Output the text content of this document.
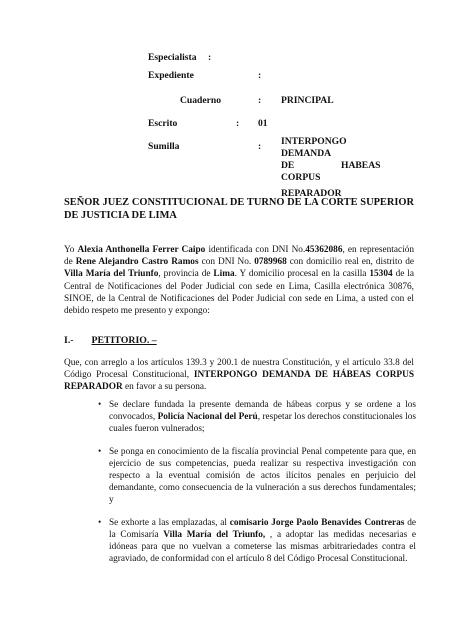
Especialista :
Expediente	:
Cuaderno	: PRINCIPAL
Escrito	: 01
Sumilla	: INTERPONGO
DEMANDA
DE	HABEAS
CORPUS
REPARADOR
SEÑOR JUEZ CONSTITUCIONAL DE TURNO DE LA CORTE SUPERIOR DE JUSTICIA DE LIMA
Yo Alexia Anthonella Ferrer Caipo identificada con DNI No.45362086, en representación de Rene Alejandro Castro Ramos con DNI No. 0789968 con domicilio real en, distrito de Villa María del Triunfo, provincia de Lima. Y domicilio procesal en la casilla 15304 de la Central de Notificaciones del Poder Judicial con sede en Lima, Casilla electrónica 30876, SINOE, de la Central de Notificaciones del Poder Judicial con sede en Lima, a usted con el debido respeto me presento y expongo:
I.- PETITORIO. –
Que, con arreglo a los artículos 139.3 y 200.1 de nuestra Constitución, y el artículo 33.8 del Código Procesal Constitucional, INTERPONGO DEMANDA DE HÁBEAS CORPUS REPARADOR en favor a su persona.
• Se declare fundada la presente demanda de hábeas corpus y se ordene a los convocados, Policía Nacional del Perú, respetar los derechos constitucionales los cuales fueron vulnerados;
• Se ponga en conocimiento de la fiscalía provincial Penal competente para que, en ejercicio de sus competencias, pueda realizar su respectiva investigación con respecto a la eventual comisión de actos ilícitos penales en perjuicio del demandante, como consecuencia de la vulneración a sus derechos fundamentales; y
• Se exhorte a las emplazadas, al comisario Jorge Paolo Benavides Contreras de la Comisaría Villa María del Triunfo, , a adoptar las medidas necesarias e idóneas para que no vuelvan a cometerse las mismas arbitrariedades contra el agraviado, de conformidad con el artículo 8 del Código Procesal Constitucional.
